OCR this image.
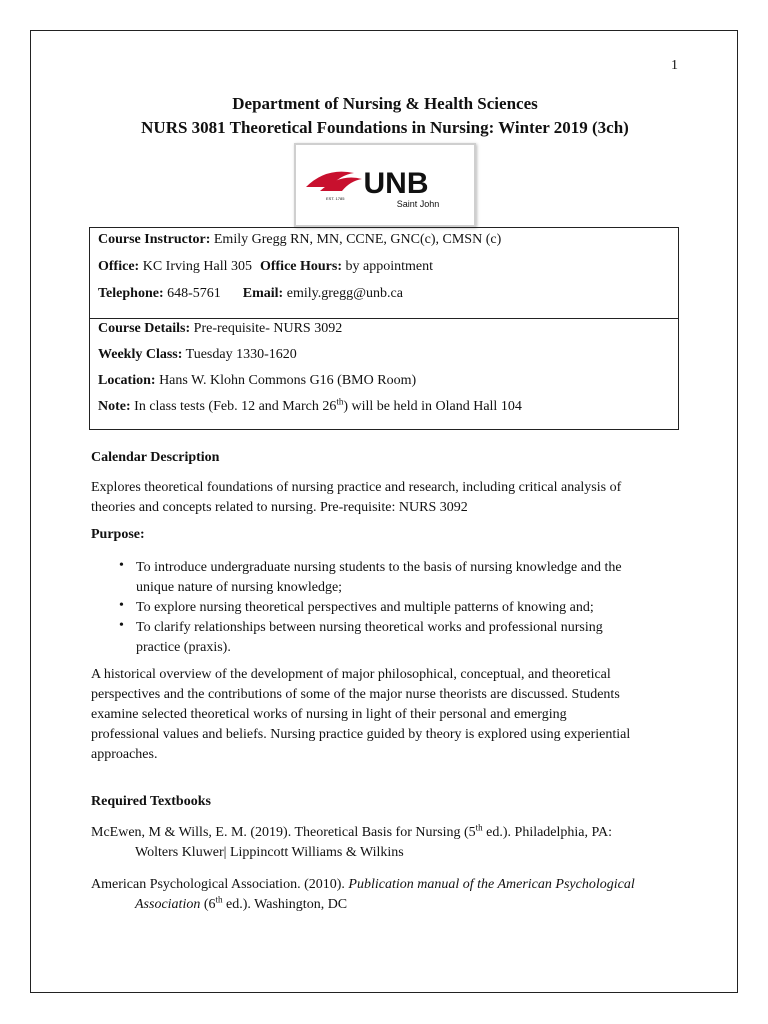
1
Department of Nursing & Health Sciences
NURS 3081 Theoretical Foundations in Nursing: Winter 2019 (3ch)
UNB
Saint John
EST. 1785
Course Instructor: Emily Gregg RN, MN, CCNE, GNC(c), CMSN (c)
Office: KC Irving Hall 305 Office Hours: by appointment
Telephone: 648-5761 Email: emily.gregg@unb.ca
Course Details: Pre-requisite- NURS 3092
Weekly Class: Tuesday 1330-1620
Location: Hans W. Klohn Commons G16 (BMO Room)
Note: In class tests (Feb. 12 and March 26th) will be held in Oland Hall 104
Calendar Description
Explores theoretical foundations of nursing practice and research, including critical analysis of
theories and concepts related to nursing. Pre-requisite: NURS 3092
Purpose:
• To introduce undergraduate nursing students to the basis of nursing knowledge and the
unique nature of nursing knowledge;
• To explore nursing theoretical perspectives and multiple patterns of knowing and;
• To clarify relationships between nursing theoretical works and professional nursing
practice (praxis).
A historical overview of the development of major philosophical, conceptual, and theoretical
perspectives and the contributions of some of the major nurse theorists are discussed. Students
examine selected theoretical works of nursing in light of their personal and emerging
professional values and beliefs. Nursing practice guided by theory is explored using experiential
approaches.
Required Textbooks
McEwen, M & Wills, E. M. (2019). Theoretical Basis for Nursing (5th ed.). Philadelphia, PA:
Wolters Kluwer| Lippincott Williams & Wilkins
American Psychological Association. (2010). Publication manual of the American Psychological
Association (6th ed.). Washington, DC
